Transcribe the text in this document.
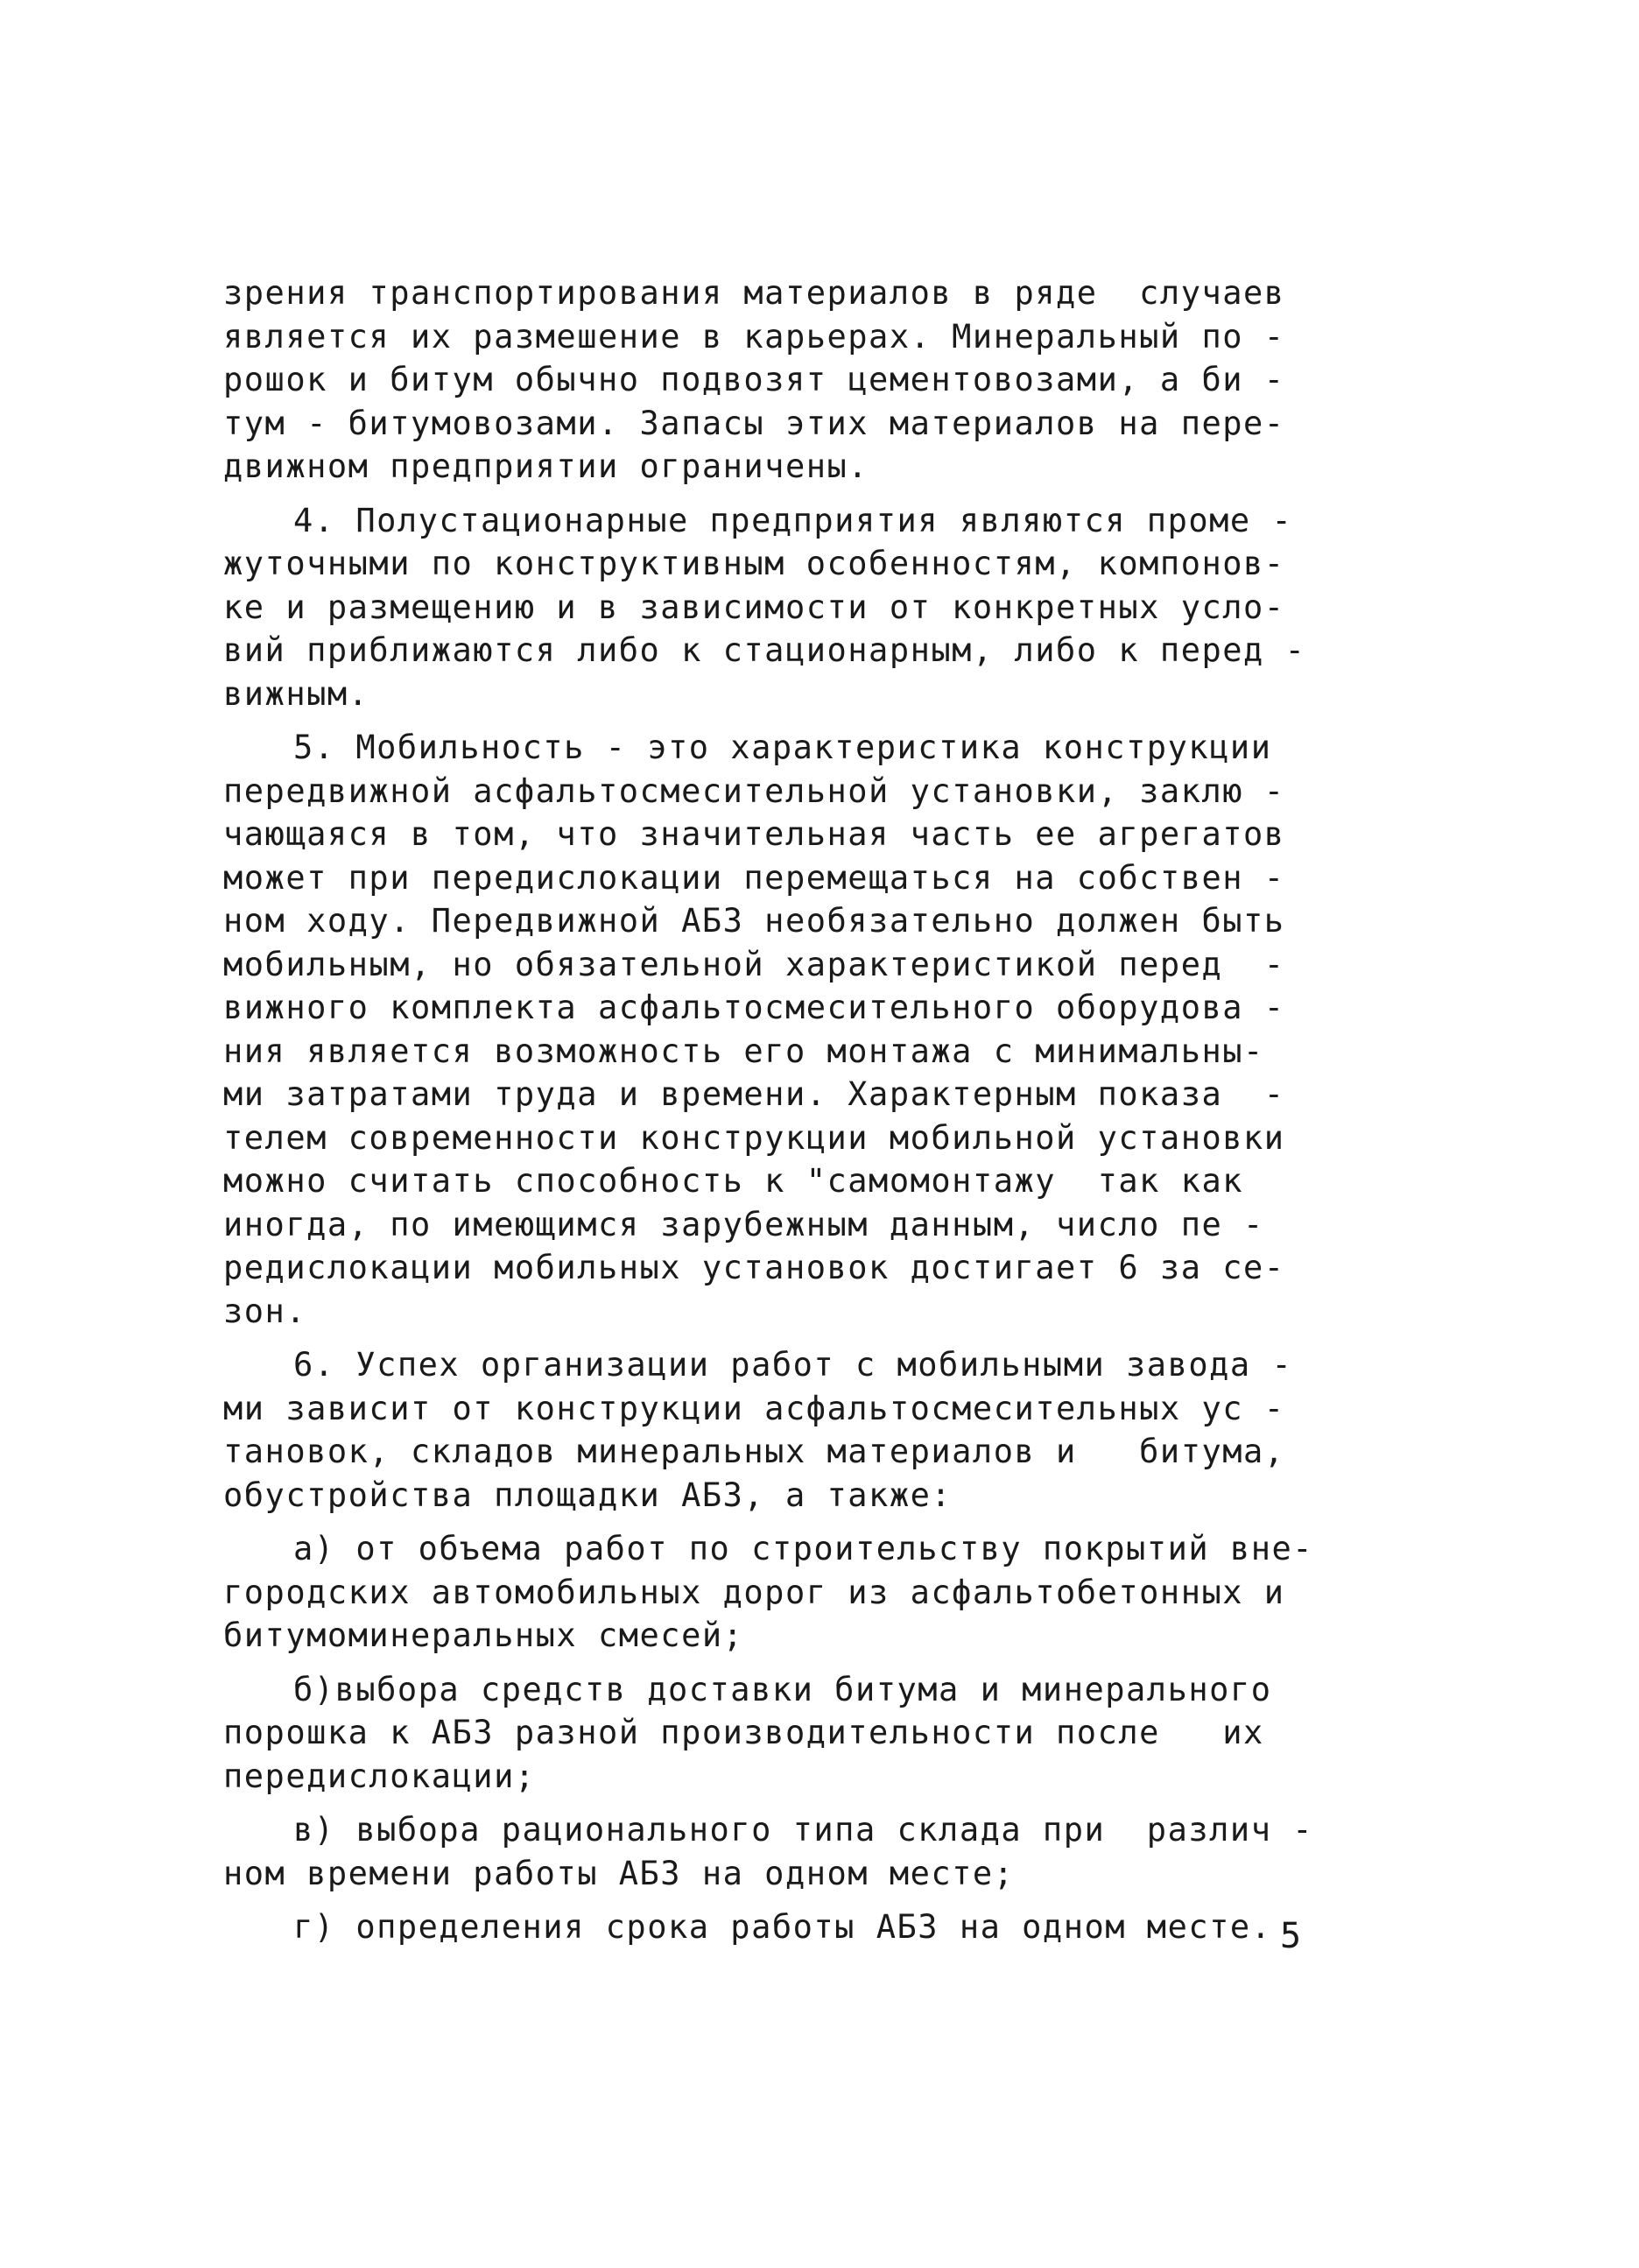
зрения транспортирования материалов в ряде  случаев
является их размешение в карьерах. Минеральный по -
рошок и битум обычно подвозят цементовозами, а би -
тум - битумовозами. Запасы этих материалов на пере-
движном предприятии ограничены.
4. Полустационарные предприятия являются проме -
жуточными по конструктивным особенностям, компонов-
ке и размещению и в зависимости от конкретных усло-
вий приближаются либо к стационарным, либо к перед -
вижным.
5. Мобильность - это характеристика конструкции
передвижной асфальтосмесительной установки, заклю -
чающаяся в том, что значительная часть ее агрегатов
может при передислокации перемещаться на собствен -
ном ходу. Передвижной АБЗ необязательно должен быть
мобильным, но обязательной характеристикой перед  -
вижного комплекта асфальтосмесительного оборудова -
ния является возможность его монтажа с минимальны-
ми затратами труда и времени. Характерным показа  -
телем современности конструкции мобильной установки
можно считать способность к "самомонтажу  так как
иногда, по имеющимся зарубежным данным, число пе -
редислокации мобильных установок достигает 6 за се-
зон.
6. Успех организации работ с мобильными завода -
ми зависит от конструкции асфальтосмесительных ус -
тановок, складов минеральных материалов и   битума,
обустройства площадки АБЗ, а также:
а) от объема работ по строительству покрытий вне-
городских автомобильных дорог из асфальтобетонных и
битумоминеральных смесей;
б)выбора средств доставки битума и минерального
порошка к АБЗ разной производительности после   их
передислокации;
в) выбора рационального типа склада при  различ -
ном времени работы АБЗ на одном месте;
г) определения срока работы АБЗ на одном месте. 5
